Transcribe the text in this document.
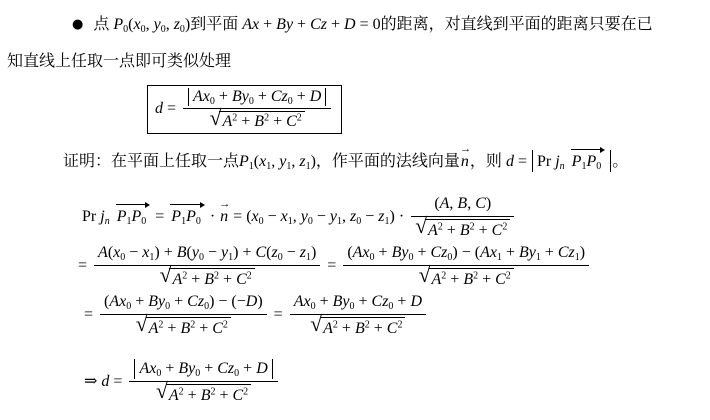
● 点 $P_0(x_0$, $y_0$, $z_0$)到平面 Ax + By + Cz + D = 0的距离，对直线到平面的距离只要在已
知直线上任取一点即可类似处理
$d = \frac{Ax_0 + By_0 + Cz_0 + D}{√A^2 + B^2 + C^2}$
证明：在平面上任取一点$P_1(x_1$, $y_1$, $z_1$)，作平面的法线向量→ n，则 d = Pr $j_n$ $P_1P_0$ 。
Pr $j_n$ $P_1P_0 = P_1P_0$ · → $n = (x_0 - x_1$, $y_0 - y_1$, $z_0 - z_1) \cdot \frac{(A, B, C)}{√A^2 + B^2 + C^2}$
= $\frac{A(x_0 - x_1) + B(y_0 - y_1) + C(z_0 - z_1)}{√A^2 + B^2 + C^2} = \frac{(Ax_0 + By_0 + Cz_0) - (Ax_1 + By_1 + Cz_1)}{√A^2 + B^2 + C^2}$
= $\frac{(Ax_0 + By_0 + Cz_0) - (-D)}{√A^2 + B^2 + C^2} = \frac{Ax_0 + By_0 + Cz_0 + D}{√A^2 + B^2 + C^2}$
⇒ $d = \frac{Ax_0 + By_0 + Cz_0 + D}{√A^2 + B^2 + C^2}$
